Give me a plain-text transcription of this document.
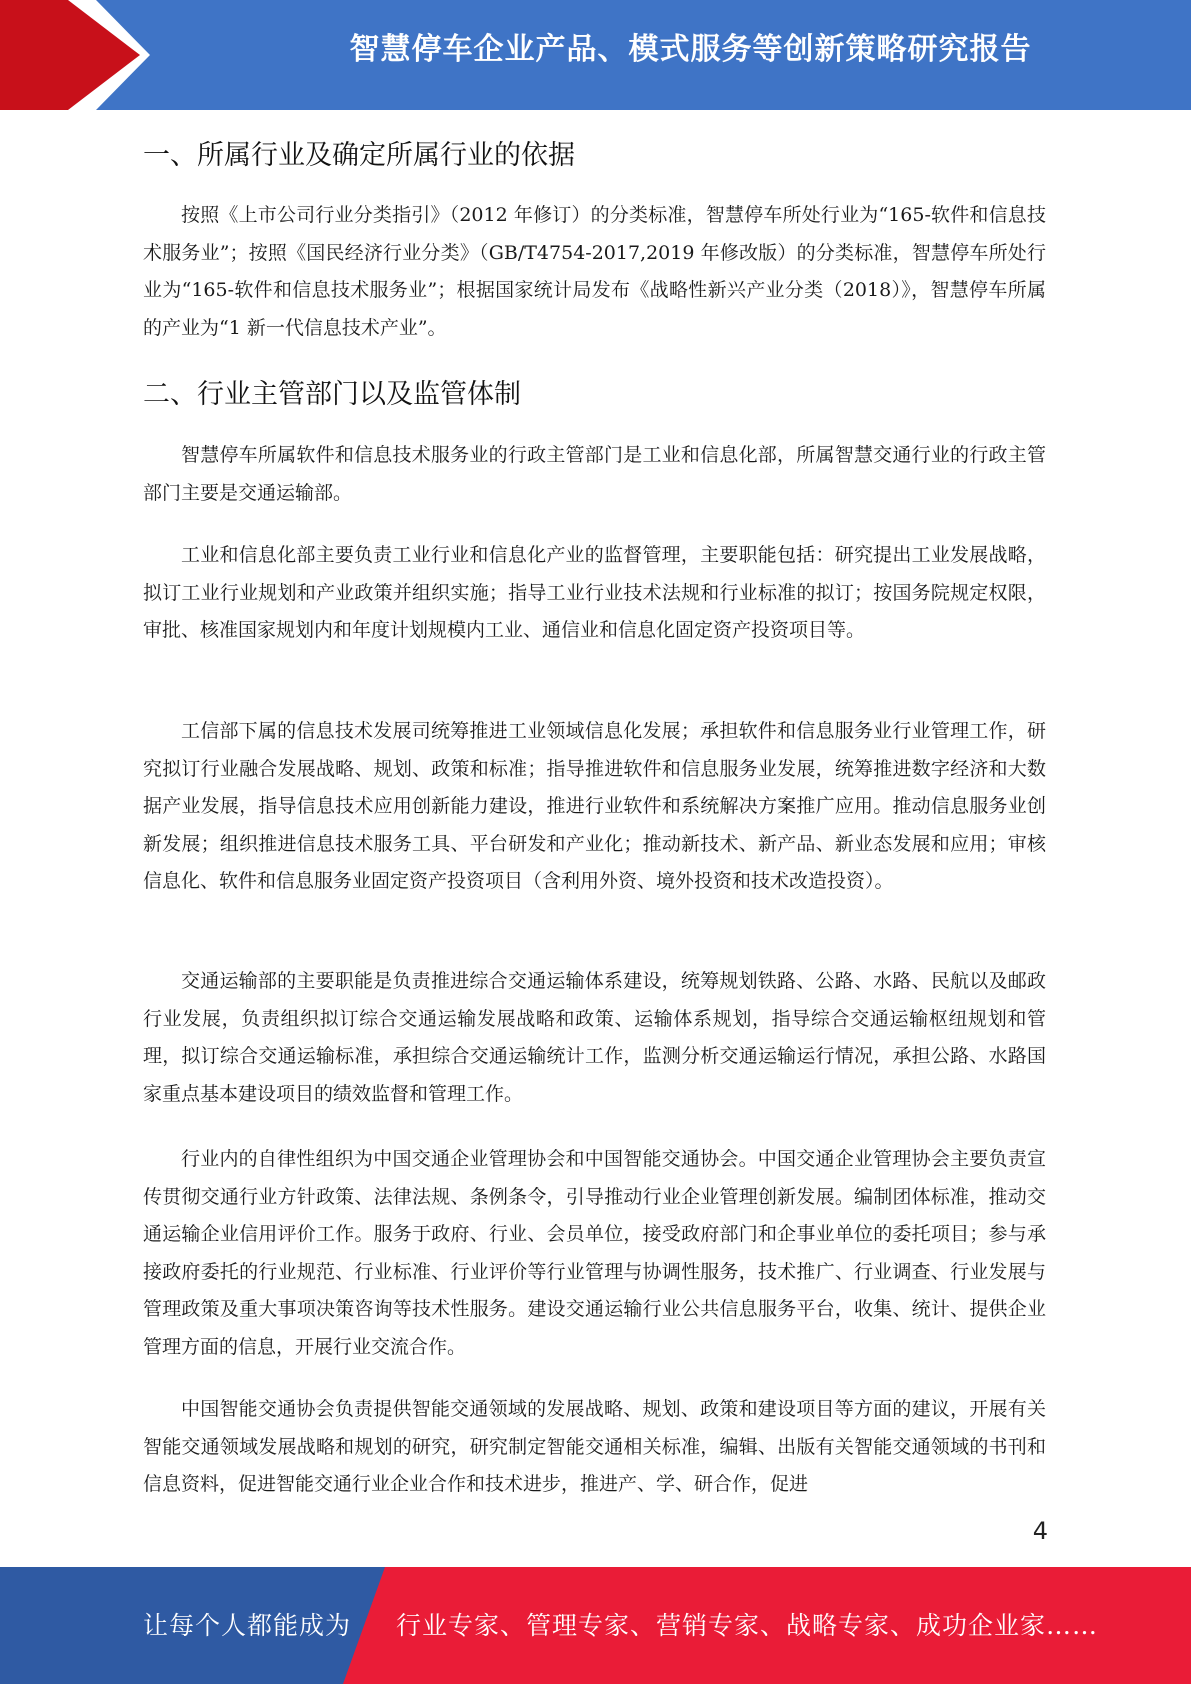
智慧停车企业产品、模式服务等创新策略研究报告
一、所属行业及确定所属行业的依据

按照《上市公司行业分类指引》（2012 年修订）的分类标准，智慧停车所处行业为“165-软件和信息技术服务业”；按照《国民经济行业分类》（GB/T4754-2017,2019 年修改版）的分类标准，智慧停车所处行业为“165-软件和信息技术服务业”；根据国家统计局发布《战略性新兴产业分类（2018）》，智慧停车所属的产业为“1 新一代信息技术产业”。

二、行业主管部门以及监管体制

智慧停车所属软件和信息技术服务业的行政主管部门是工业和信息化部，所属智慧交通行业的行政主管部门主要是交通运输部。

工业和信息化部主要负责工业行业和信息化产业的监督管理，主要职能包括：研究提出工业发展战略，拟订工业行业规划和产业政策并组织实施；指导工业行业技术法规和行业标准的拟订；按国务院规定权限，审批、核准国家规划内和年度计划规模内工业、通信业和信息化固定资产投资项目等。

工信部下属的信息技术发展司统筹推进工业领域信息化发展；承担软件和信息服务业行业管理工作，研究拟订行业融合发展战略、规划、政策和标准；指导推进软件和信息服务业发展，统筹推进数字经济和大数据产业发展，指导信息技术应用创新能力建设，推进行业软件和系统解决方案推广应用。推动信息服务业创新发展；组织推进信息技术服务工具、平台研发和产业化；推动新技术、新产品、新业态发展和应用；审核信息化、软件和信息服务业固定资产投资项目（含利用外资、境外投资和技术改造投资）。

交通运输部的主要职能是负责推进综合交通运输体系建设，统筹规划铁路、公路、水路、民航以及邮政行业发展，负责组织拟订综合交通运输发展战略和政策、运输体系规划，指导综合交通运输枢纽规划和管理，拟订综合交通运输标准，承担综合交通运输统计工作，监测分析交通运输运行情况，承担公路、水路国家重点基本建设项目的绩效监督和管理工作。

行业内的自律性组织为中国交通企业管理协会和中国智能交通协会。中国交通企业管理协会主要负责宣传贯彻交通行业方针政策、法律法规、条例条令，引导推动行业企业管理创新发展。编制团体标准，推动交通运输企业信用评价工作。服务于政府、行业、会员单位，接受政府部门和企事业单位的委托项目；参与承接政府委托的行业规范、行业标准、行业评价等行业管理与协调性服务，技术推广、行业调查、行业发展与管理政策及重大事项决策咨询等技术性服务。建设交通运输行业公共信息服务平台，收集、统计、提供企业管理方面的信息，开展行业交流合作。

中国智能交通协会负责提供智能交通领域的发展战略、规划、政策和建设项目等方面的建议，开展有关智能交通领域发展战略和规划的研究，研究制定智能交通相关标准，编辑、出版有关智能交通领域的书刊和信息资料，促进智能交通行业企业合作和技术进步，推进产、学、研合作，促进

4
让每个人都能成为 行业专家、管理专家、营销专家、战略专家、成功企业家……
